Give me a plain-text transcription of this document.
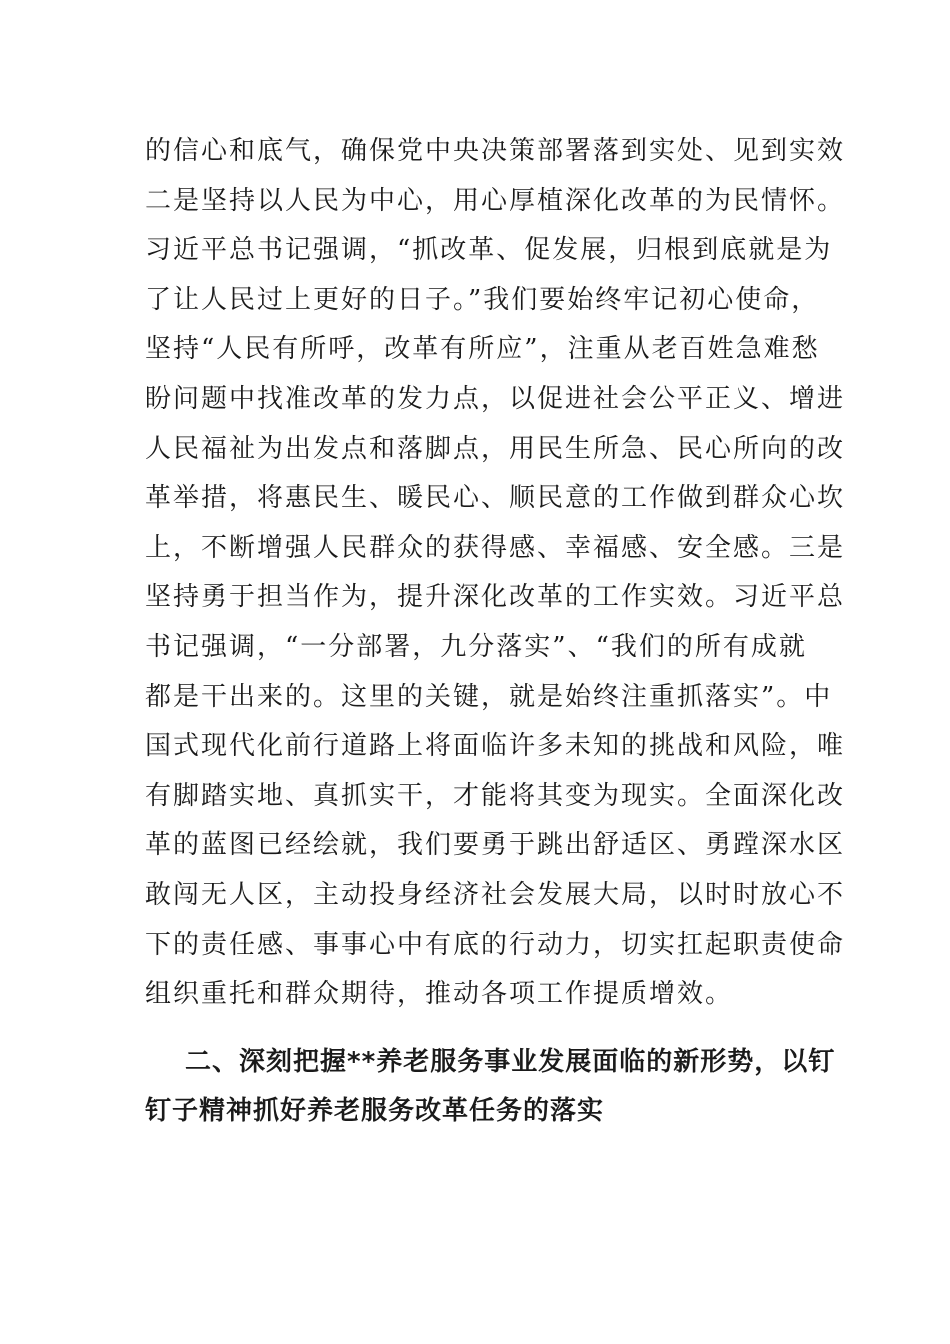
的信心和底气，确保党中央决策部署落到实处、见到实效
二是坚持以人民为中心，用心厚植深化改革的为民情怀。
习近平总书记强调，“抓改革、促发展，归根到底就是为
了让人民过上更好的日子。”我们要始终牢记初心使命，
坚持“人民有所呼，改革有所应”，注重从老百姓急难愁
盼问题中找准改革的发力点，以促进社会公平正义、增进
人民福祉为出发点和落脚点，用民生所急、民心所向的改
革举措，将惠民生、暖民心、顺民意的工作做到群众心坎
上，不断增强人民群众的获得感、幸福感、安全感。三是
坚持勇于担当作为，提升深化改革的工作实效。习近平总
书记强调，“一分部署，九分落实”、“我们的所有成就
都是干出来的。这里的关键，就是始终注重抓落实”。中
国式现代化前行道路上将面临许多未知的挑战和风险，唯
有脚踏实地、真抓实干，才能将其变为现实。全面深化改
革的蓝图已经绘就，我们要勇于跳出舒适区、勇蹚深水区
敢闯无人区，主动投身经济社会发展大局，以时时放心不
下的责任感、事事心中有底的行动力，切实扛起职责使命
组织重托和群众期待，推动各项工作提质增效。
二、深刻把握**养老服务事业发展面临的新形势，以钉
钉子精神抓好养老服务改革任务的落实
